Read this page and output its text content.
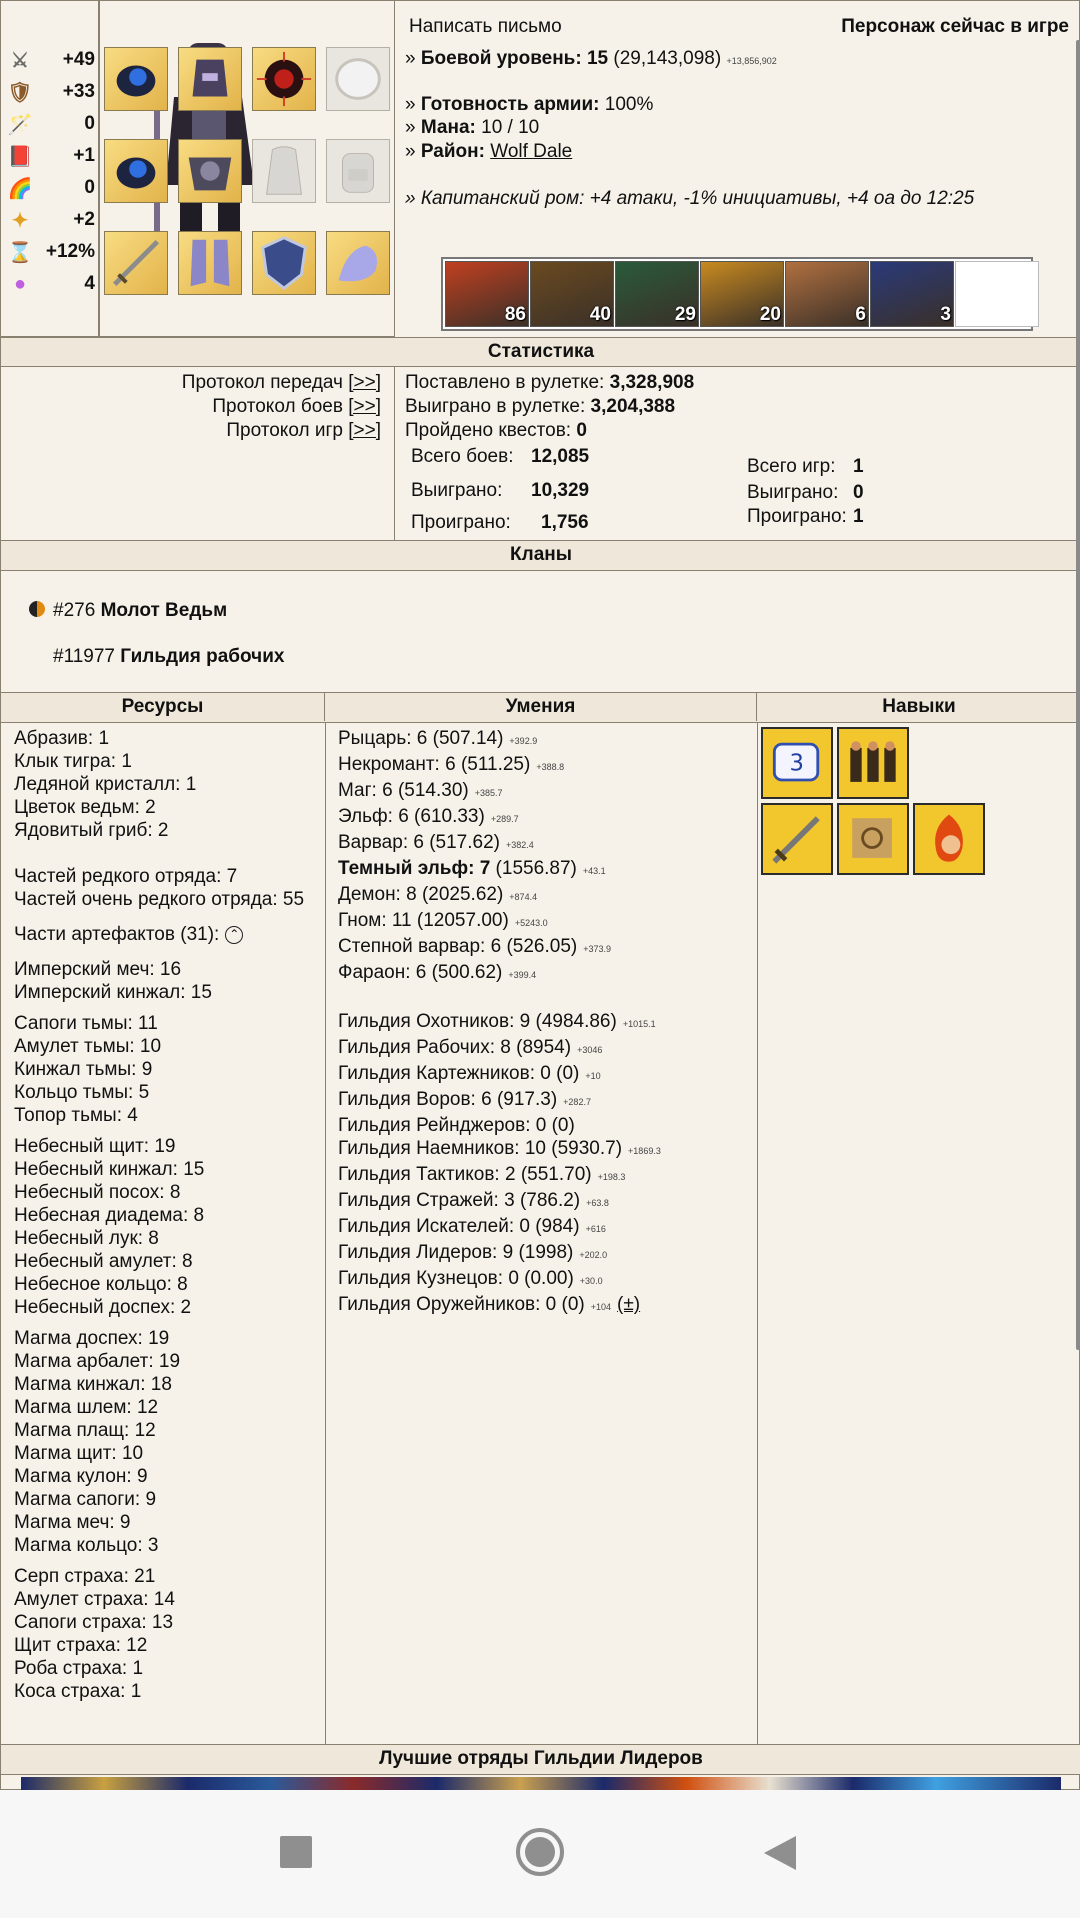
⚔	+49
🛡	+33
🪄	0
📕	+1
🌈	0
✦	+2
⌛ +12%
●	4
Написать письмо	Персонаж сейчас в игре
» Боевой уровень: 15 (29,143,098) +13,856,902
» Готовность армии: 100%
» Мана: 10 / 10
» Район: Wolf Dale
» Капитанский ром: +4 атаки, -1% инициативы, +4 оа до 12:25
86	40	29	20	6	3
Статистика
Протокол передач [>>]
Протокол боев [>>]
Протокол игр [>>]
Поставлено в рулетке: 3,328,908
Выиграно в рулетке: 3,204,388
Пройдено квестов: 0
Всего боев: 12,085
Выиграно: 10,329
Проиграно: 1,756
Всего игр: 1
Выиграно: 0
Проиграно: 1
Кланы
#276 Молот Ведьм
#11977 Гильдия рабочих
Ресурсы	Умения	Навыки
Абразив: 1
Клык тигра: 1
Ледяной кристалл: 1
Цветок ведьм: 2
Ядовитый гриб: 2
Частей редкого отряда: 7
Частей очень редкого отряда: 55
Части артефактов (31): ⌃
Имперский меч: 16
Имперский кинжал: 15
Сапоги тьмы: 11
Амулет тьмы: 10
Кинжал тьмы: 9
Кольцо тьмы: 5
Топор тьмы: 4
Небесный щит: 19
Небесный кинжал: 15
Небесный посох: 8
Небесная диадема: 8
Небесный лук: 8
Небесный амулет: 8
Небесное кольцо: 8
Небесный доспех: 2
Магма доспех: 19
Магма арбалет: 19
Магма кинжал: 18
Магма шлем: 12
Магма плащ: 12
Магма щит: 10
Магма кулон: 9
Магма сапоги: 9
Магма меч: 9
Магма кольцо: 3
Серп страха: 21
Амулет страха: 14
Сапоги страха: 13
Щит страха: 12
Роба страха: 1
Коса страха: 1
Рыцарь: 6 (507.14) +392.9
Некромант: 6 (511.25) +388.8
Маг: 6 (514.30) +385.7
Эльф: 6 (610.33) +289.7
Варвар: 6 (517.62) +382.4
Темный эльф: 7 (1556.87) +43.1
Демон: 8 (2025.62) +874.4
Гном: 11 (12057.00) +5243.0
Степной варвар: 6 (526.05) +373.9
Фараон: 6 (500.62) +399.4
Гильдия Охотников: 9 (4984.86) +1015.1
Гильдия Рабочих: 8 (8954) +3046
Гильдия Картежников: 0 (0) +10
Гильдия Воров: 6 (917.3) +282.7
Гильдия Рейнджеров: 0 (0)
Гильдия Наемников: 10 (5930.7) +1869.3
Гильдия Тактиков: 2 (551.70) +198.3
Гильдия Стражей: 3 (786.2) +63.8
Гильдия Искателей: 0 (984) +616
Гильдия Лидеров: 9 (1998) +202.0
Гильдия Кузнецов: 0 (0.00) +30.0
Гильдия Оружейников: 0 (0) +104 (±)
3
Лучшие отряды Гильдии Лидеров
